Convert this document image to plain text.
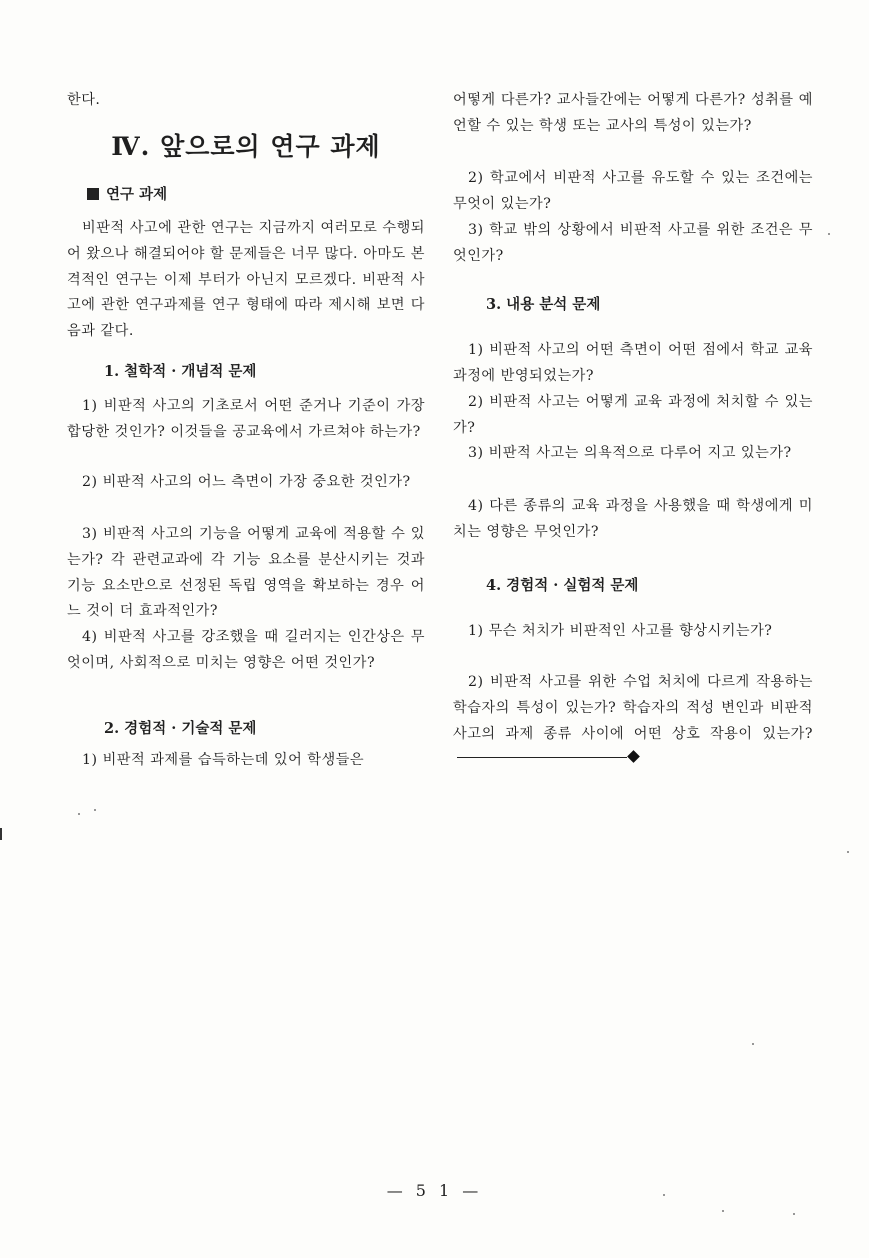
한다.

Ⅳ. 앞으로의 연구 과제
연구 과제

비판적 사고에 관한 연구는 지금까지 여러모로 수행되어 왔으나 해결되어야 할 문제들은 너무 많다. 아마도 본격적인 연구는 이제 부터가 아닌지 모르겠다. 비판적 사고에 관한 연구과제를 연구 형태에 따라 제시해 보면 다음과 같다.

1. 철학적 · 개념적 문제

1) 비판적 사고의 기초로서 어떤 준거나 기준이 가장 합당한 것인가? 이것들을 공교육에서 가르쳐야 하는가?

2) 비판적 사고의 어느 측면이 가장 중요한 것인가?

3) 비판적 사고의 기능을 어떻게 교육에 적용할 수 있는가? 각 관련교과에 각 기능 요소를 분산시키는 것과 기능 요소만으로 선정된 독립 영역을 확보하는 경우 어느 것이 더 효과적인가?

4) 비판적 사고를 강조했을 때 길러지는 인간상은 무엇이며, 사회적으로 미치는 영향은 어떤 것인가?

2. 경험적 · 기술적 문제

1) 비판적 과제를 습득하는데 있어 학생들은

어떻게 다른가? 교사들간에는 어떻게 다른가? 성취를 예언할 수 있는 학생 또는 교사의 특성이 있는가?

2) 학교에서 비판적 사고를 유도할 수 있는 조건에는 무엇이 있는가?

3) 학교 밖의 상황에서 비판적 사고를 위한 조건은 무엇인가?

3. 내용 분석 문제

1) 비판적 사고의 어떤 측면이 어떤 점에서 학교 교육 과정에 반영되었는가?

2) 비판적 사고는 어떻게 교육 과정에 처치할 수 있는가?

3) 비판적 사고는 의욕적으로 다루어 지고 있는가?

4) 다른 종류의 교육 과정을 사용했을 때 학생에게 미치는 영향은 무엇인가?

4. 경험적 · 실험적 문제

1) 무슨 처치가 비판적인 사고를 향상시키는가?

2) 비판적 사고를 위한 수업 처치에 다르게 작용하는 학습자의 특성이 있는가? 학습자의 적성 변인과 비판적 사고의 과제 종류 사이에 어떤 상호 작용이 있는가?

— 5 1 —
